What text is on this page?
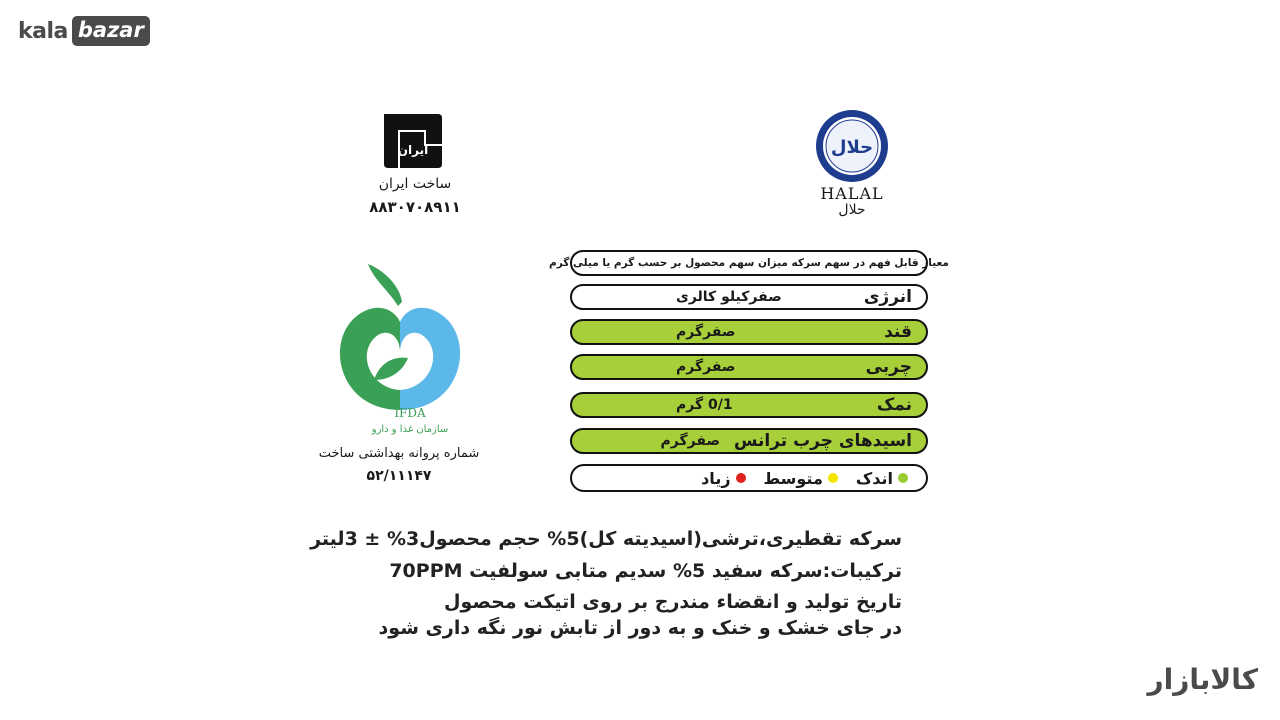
kala bazar
ایران
ساخت ایران
۸۸۳۰۷۰۸۹۱۱
حلال
HALAL
حلال
IFDA
سازمان غذا و دارو
شماره پروانه بهداشتی ساخت
۵۲/۱۱۱۴۷
معیار قابل فهم در سهم سرکه میزان سهم محصول بر حسب گرم یا میلی گرم
انرژی
صفرکیلو کالری
قند
صفرگرم
چربی
صفرگرم
نمک
0/1 گرم
اسیدهای چرب ترانس
صفرگرم
اندک
متوسط
زیاد
سرکه تقطیری،ترشی(اسیدیته کل)5% حجم محصول3% ± 3لیتر
ترکیبات:سرکه سفید 5% سدیم متابی سولفیت 70PPM
تاریخ تولید و انقضاء مندرج بر روی اتیکت محصول
در جای خشک و خنک و به دور از تابش نور نگه داری شود
کالابازار
